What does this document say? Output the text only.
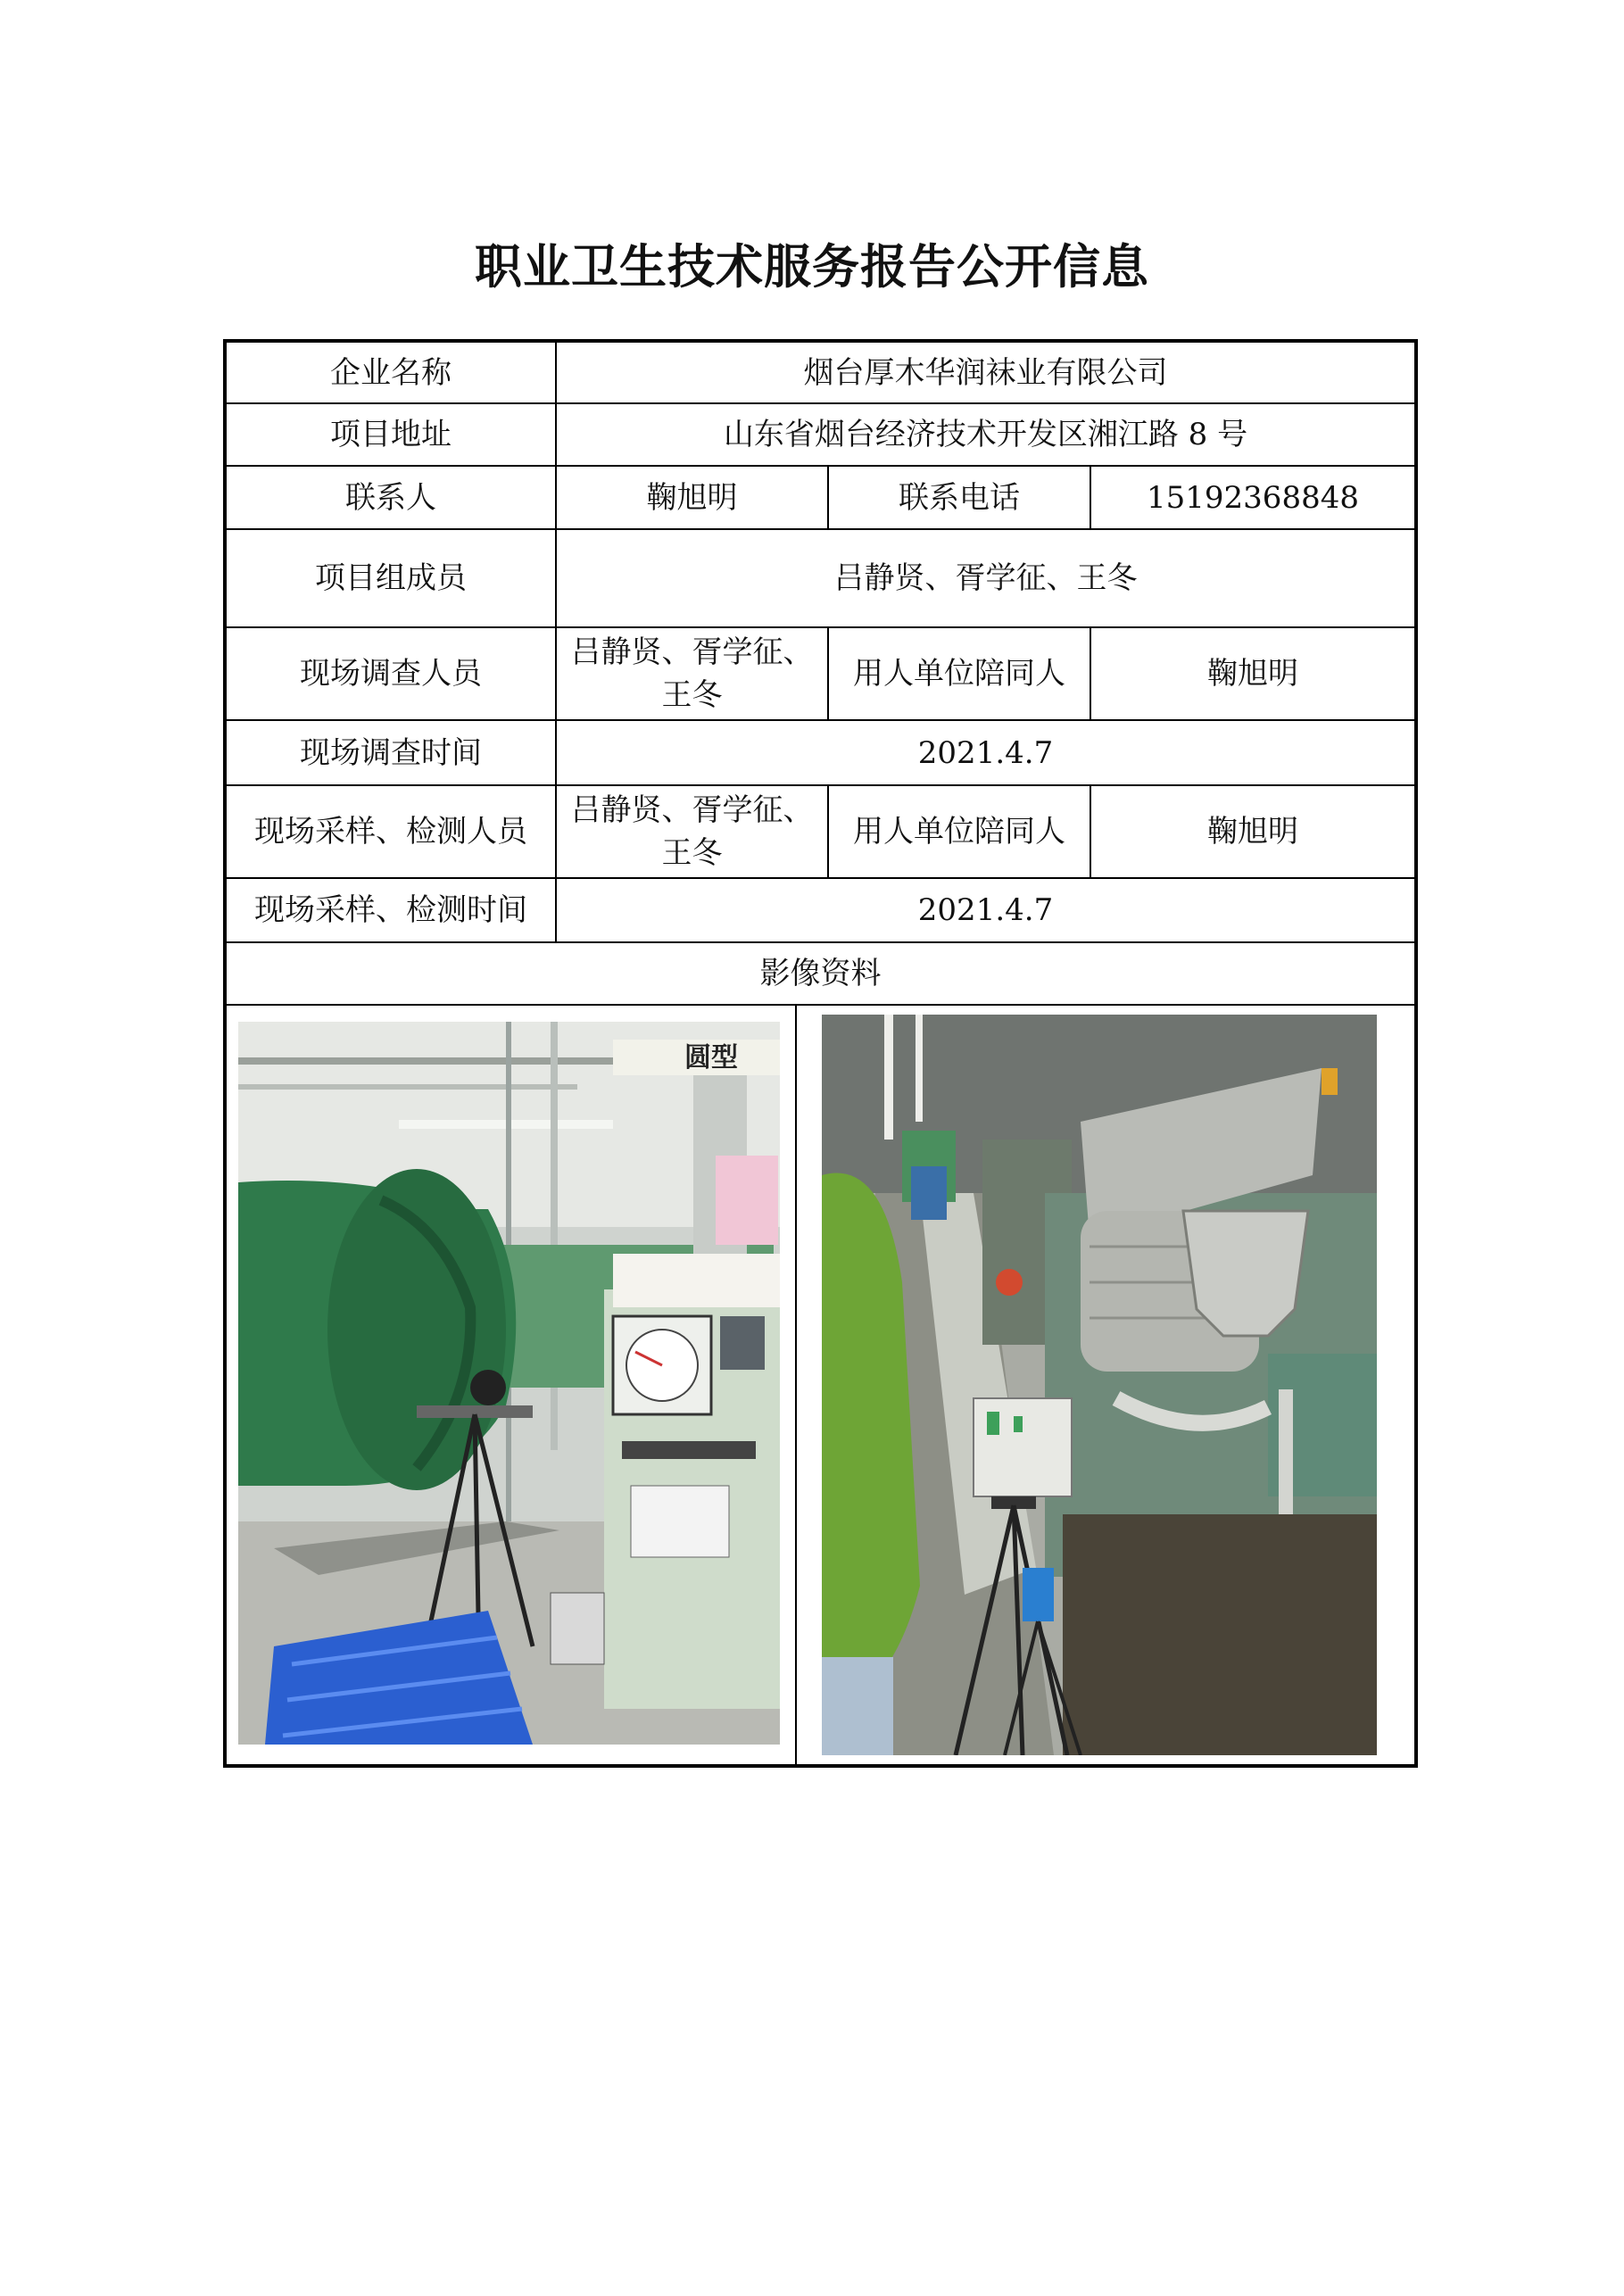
职业卫生技术服务报告公开信息
企业名称	烟台厚木华润袜业有限公司		
项目地址	山东省烟台经济技术开发区湘江路 8 号		
联系人	鞠旭明	联系电话	15192368848
项目组成员	吕静贤、胥学征、王冬		
现场调查人员	吕静贤、胥学征、王冬	用人单位陪同人	鞠旭明
现场调查时间	2021.4.7		
现场采样、检测人员	吕静贤、胥学征、王冬	用人单位陪同人	鞠旭明
现场采样、检测时间	2021.4.7		
影像资料			

圆型			
